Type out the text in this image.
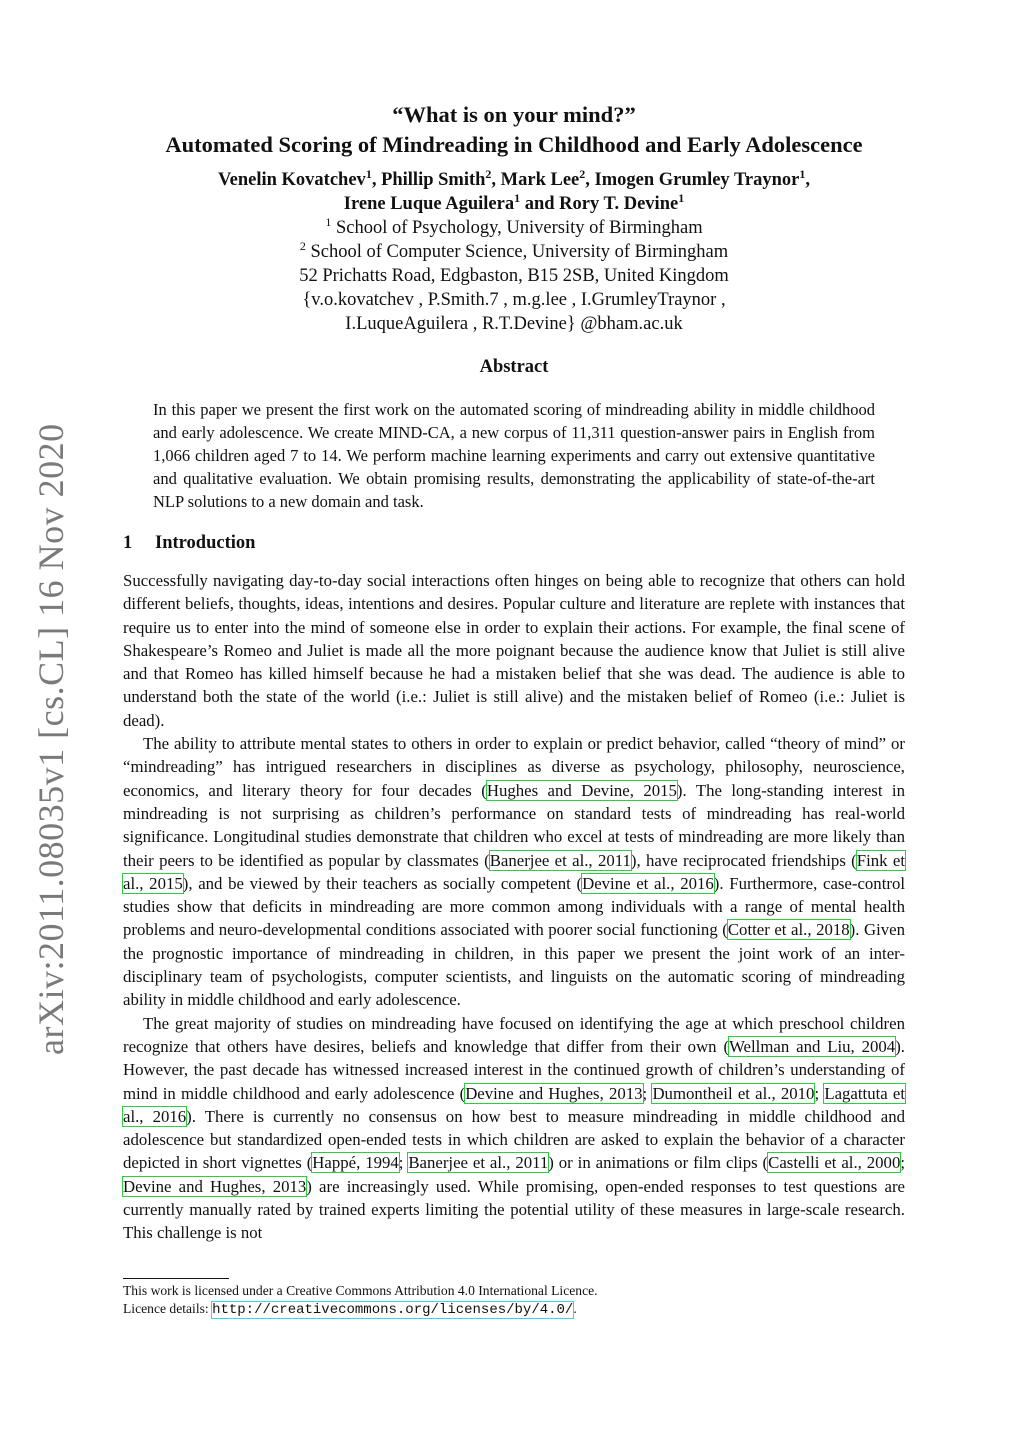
arXiv:2011.08035v1 [cs.CL] 16 Nov 2020
“What is on your mind?”
Automated Scoring of Mindreading in Childhood and Early Adolescence
Venelin Kovatchev$^1$, Phillip Smith$^2$, Mark Lee$^2$, Imogen Grumley Traynor$^1$,
Irene Luque Aguilera$^1$ and Rory T. Devine$^1$
$^1$ School of Psychology, University of Birmingham
$^2$ School of Computer Science, University of Birmingham
52 Prichatts Road, Edgbaston, B15 2SB, United Kingdom
{v.o.kovatchev , P.Smith.7 , m.g.lee , I.GrumleyTraynor ,
I.LuqueAguilera , R.T.Devine} @bham.ac.uk
Abstract

In this paper we present the first work on the automated scoring of mindreading ability in middle childhood and early adolescence. We create MIND-CA, a new corpus of 11,311 question-answer pairs in English from 1,066 children aged 7 to 14. We perform machine learning experiments and carry out extensive quantitative and qualitative evaluation. We obtain promising results, demonstrating the applicability of state-of-the-art NLP solutions to a new domain and task.

1 Introduction

Successfully navigating day-to-day social interactions often hinges on being able to recognize that others can hold different beliefs, thoughts, ideas, intentions and desires. Popular culture and literature are replete with instances that require us to enter into the mind of someone else in order to explain their actions. For example, the final scene of Shakespeare’s Romeo and Juliet is made all the more poignant because the audience know that Juliet is still alive and that Romeo has killed himself because he had a mistaken belief that she was dead. The audience is able to understand both the state of the world (i.e.: Juliet is still alive) and the mistaken belief of Romeo (i.e.: Juliet is dead).

The ability to attribute mental states to others in order to explain or predict behavior, called “theory of mind” or “mindreading” has intrigued researchers in disciplines as diverse as psychology, philosophy, neuroscience, economics, and literary theory for four decades (Hughes and Devine, 2015). The long-standing interest in mindreading is not surprising as children’s performance on standard tests of mindreading has real-world significance. Longitudinal studies demonstrate that children who excel at tests of mindreading are more likely than their peers to be identified as popular by classmates (Banerjee et al., 2011), have reciprocated friendships (Fink et al., 2015), and be viewed by their teachers as socially competent (Devine et al., 2016). Furthermore, case-control studies show that deficits in mindreading are more common among individuals with a range of mental health problems and neuro-developmental conditions associated with poorer social functioning (Cotter et al., 2018). Given the prognostic importance of mindreading in children, in this paper we present the joint work of an inter-disciplinary team of psychologists, computer scientists, and linguists on the automatic scoring of mindreading ability in middle childhood and early adolescence.

The great majority of studies on mindreading have focused on identifying the age at which preschool children recognize that others have desires, beliefs and knowledge that differ from their own (Wellman and Liu, 2004). However, the past decade has witnessed increased interest in the continued growth of children’s understanding of mind in middle childhood and early adolescence (Devine and Hughes, 2013; Dumontheil et al., 2010; Lagattuta et al., 2016). There is currently no consensus on how best to measure mindreading in middle childhood and adolescence but standardized open-ended tests in which children are asked to explain the behavior of a character depicted in short vignettes (Happé, 1994; Banerjee et al., 2011) or in animations or film clips (Castelli et al., 2000; Devine and Hughes, 2013) are increasingly used. While promising, open-ended responses to test questions are currently manually rated by trained experts limiting the potential utility of these measures in large-scale research. This challenge is not

This work is licensed under a Creative Commons Attribution 4.0 International Licence.
Licence details: http://creativecommons.org/licenses/by/4.0/.
